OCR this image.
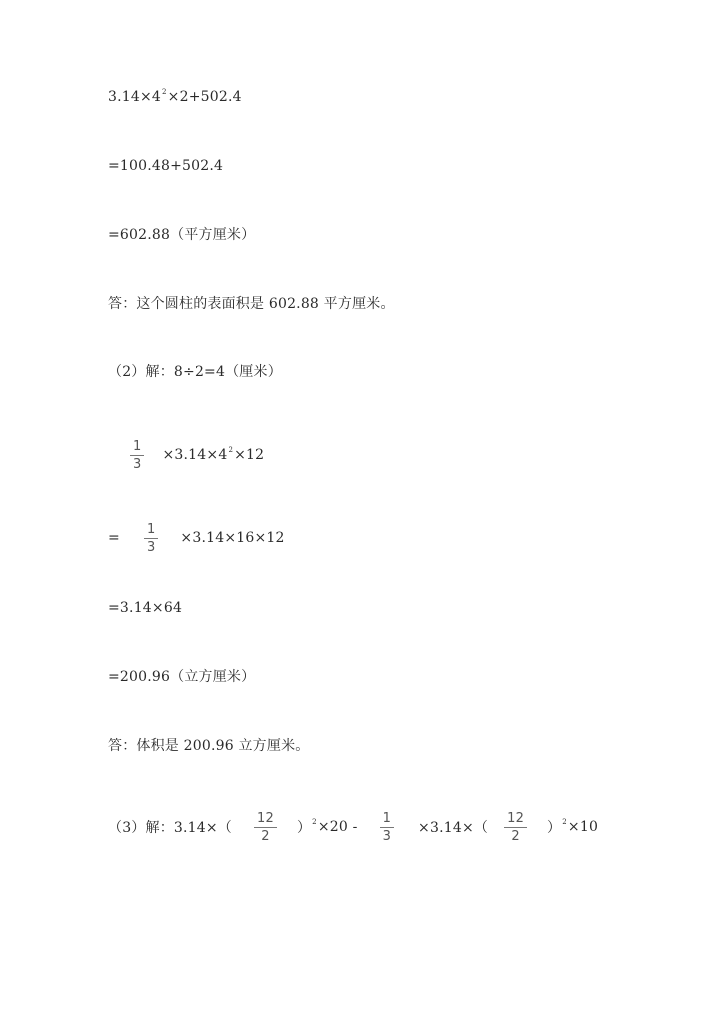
3.14×4 2 ×2+502.4
=100.48+502.4
=602.88（平方厘米）
答：这个圆柱的表面积是 602.88 平方厘米。
（2）解：8÷2=4（厘米）
$\frac{1}{3} \times 3.14\times 4$ 2 ×12
= $\frac{1}{3} \times 3.14\times 16\times 12$
=3.14×64
=200.96（立方厘米）
答：体积是 200.96 立方厘米。
（3）解：$3.14\times( \frac{12}{2}$ ） $2 \times 20 - \frac{1}{3} \times 3.14\times( \frac{12}{2}$ ） 2 ×10
